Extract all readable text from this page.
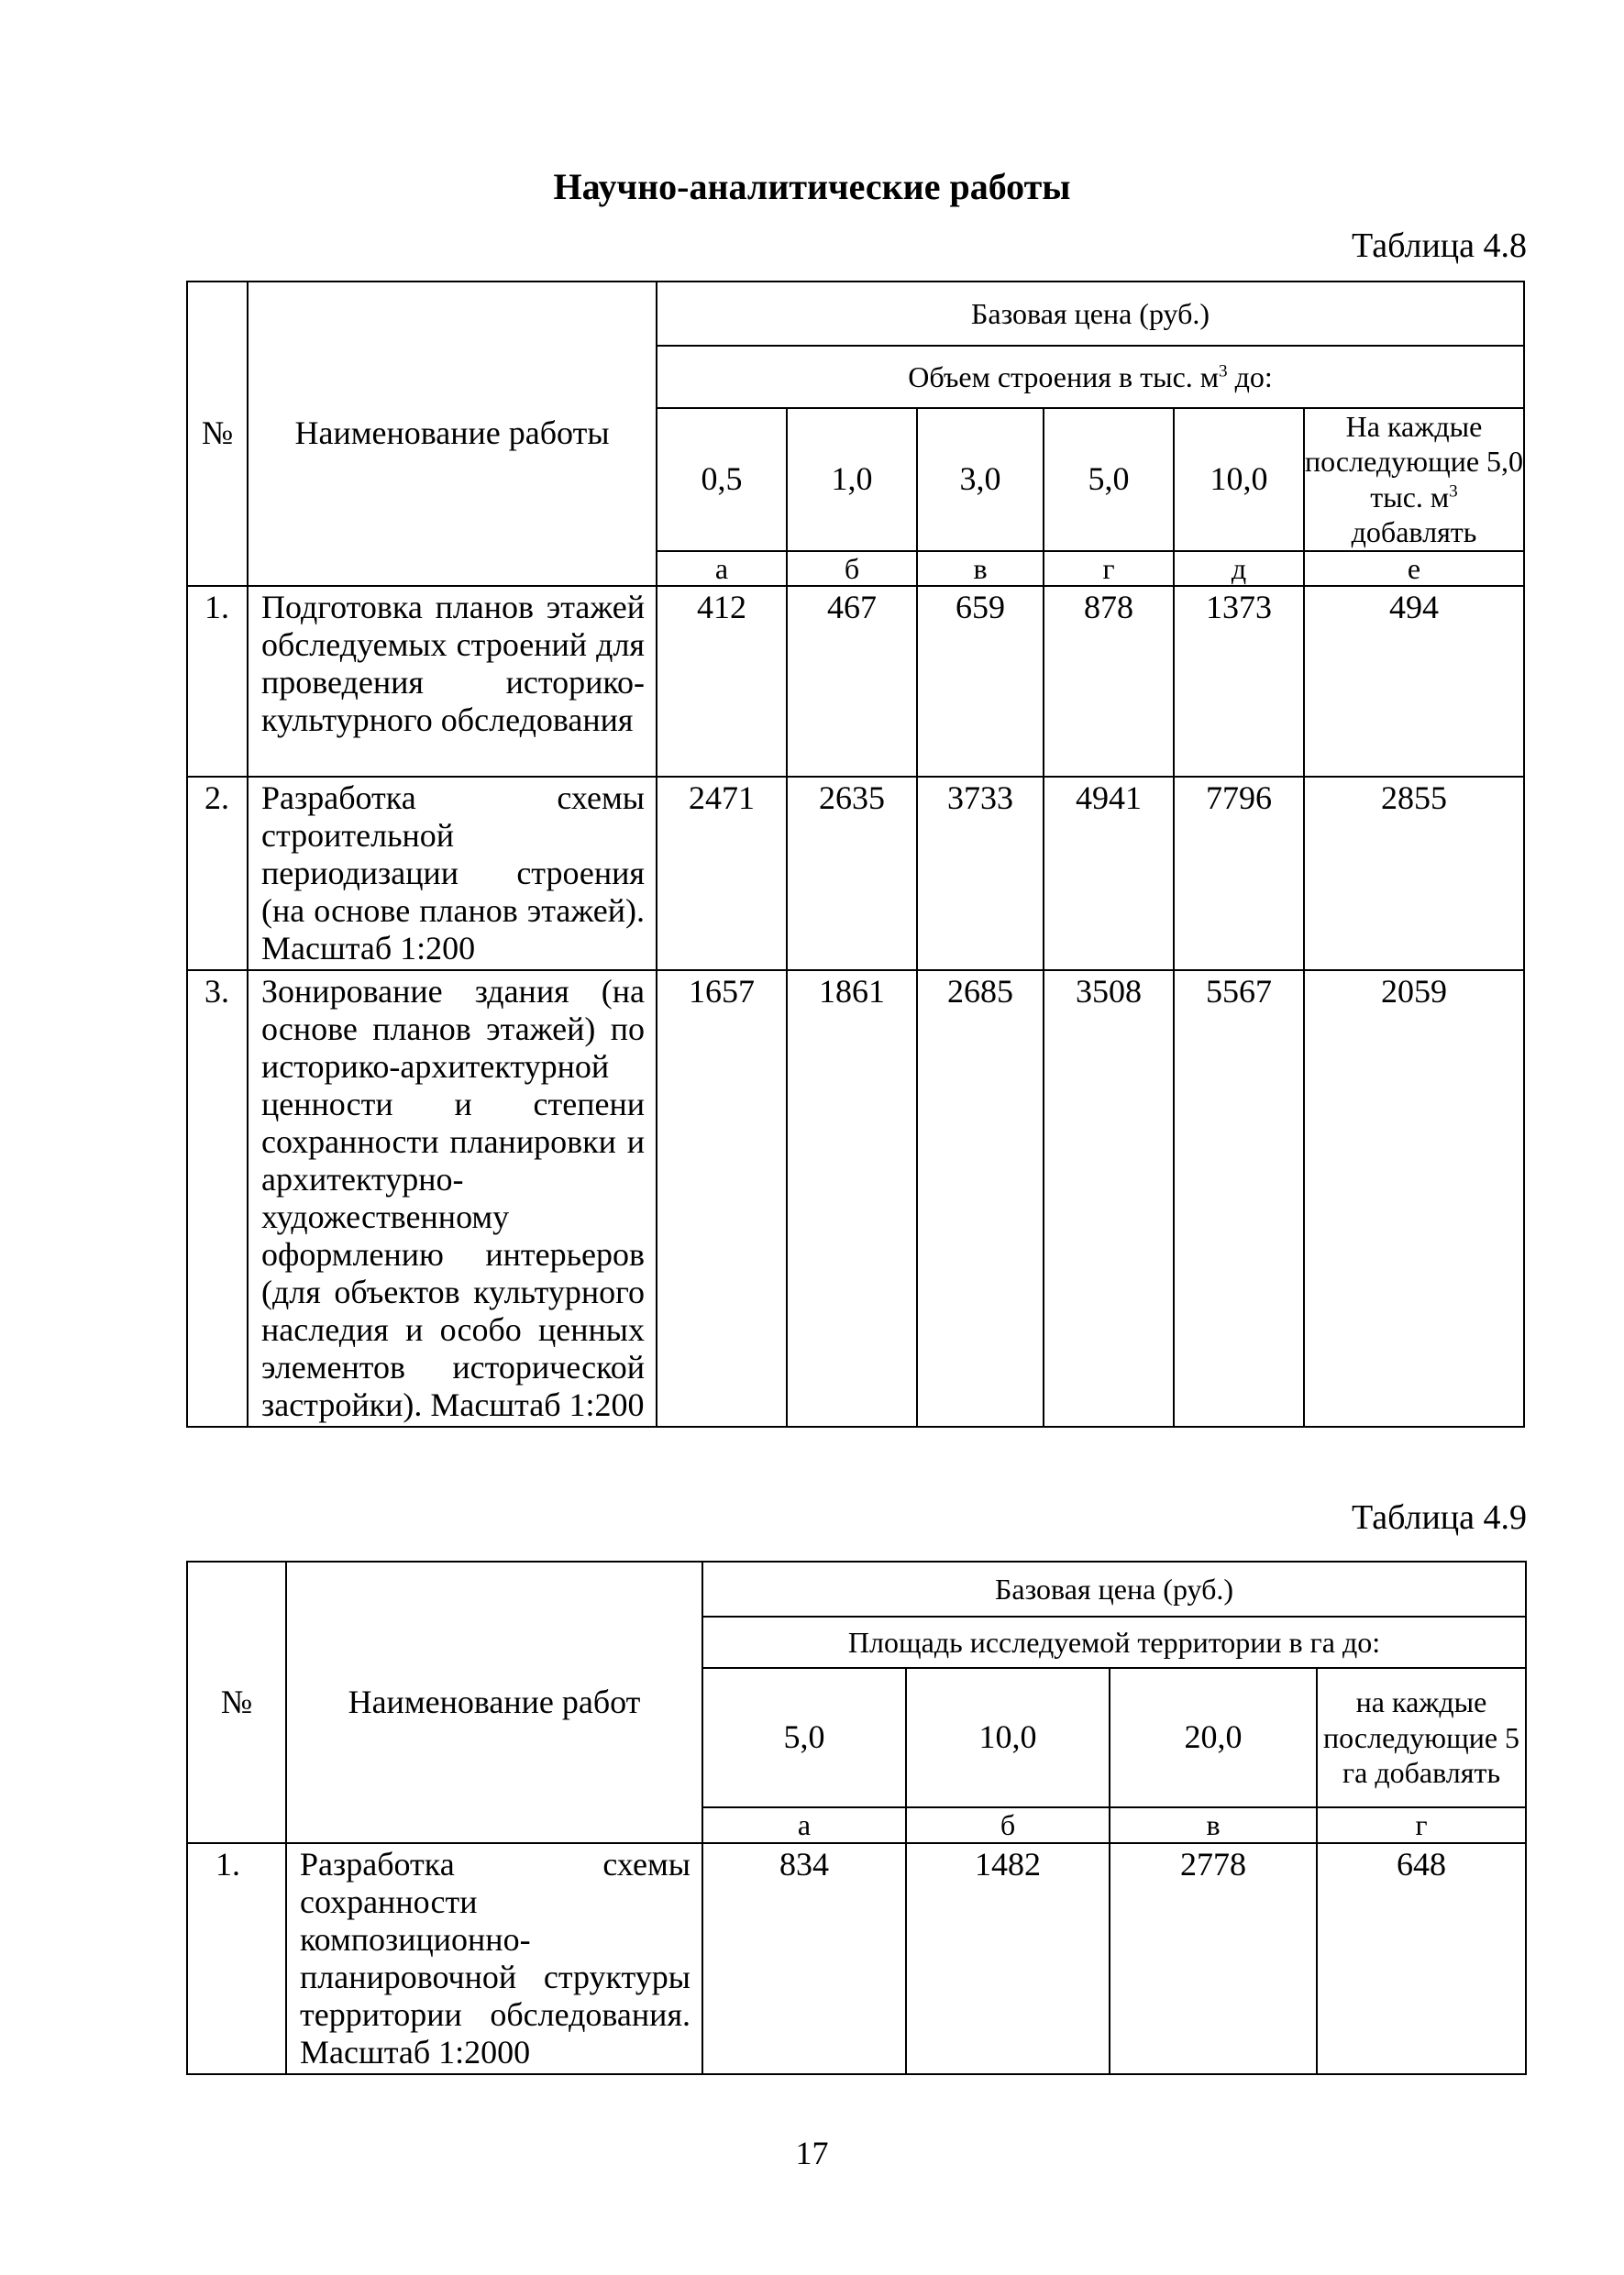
Научно-аналитические работы
Таблица 4.8
№	Наименование работы	Базовая цена (руб.)					
		Объем строения в тыс. $м^3$ до:					
		0,5	1,0	3,0	5,0	10,0	На каждые последующие 5,0 тыс. $м^3$ добавлять
		а	б	в	г	д	е
1.	Подготовка планов этажей обследуемых строений для проведения историко-культурного обследования	412	467	659	878	1373	494
2.	Разработка схемы строительной периодизации строения (на основе планов этажей). Масштаб 1:200	2471	2635	3733	4941	7796	2855
3.	Зонирование здания (на основе планов этажей) по историко-архитектурной ценности и степени сохранности планировки и архитектурно-художественному оформлению интерьеров (для объектов культурного наследия и особо ценных элементов исторической застройки). Масштаб 1:200	1657	1861	2685	3508	5567	2059
Таблица 4.9
№	Наименование работ	Базовая цена (руб.)			
		Площадь исследуемой территории в га до:			
		5,0	10,0	20,0	на каждые последующие 5 га добавлять
		а	б	в	г
1.	Разработка схемы сохранности композиционно-планировочной структуры территории обследования. Масштаб 1:2000	834	1482	2778	648
17
